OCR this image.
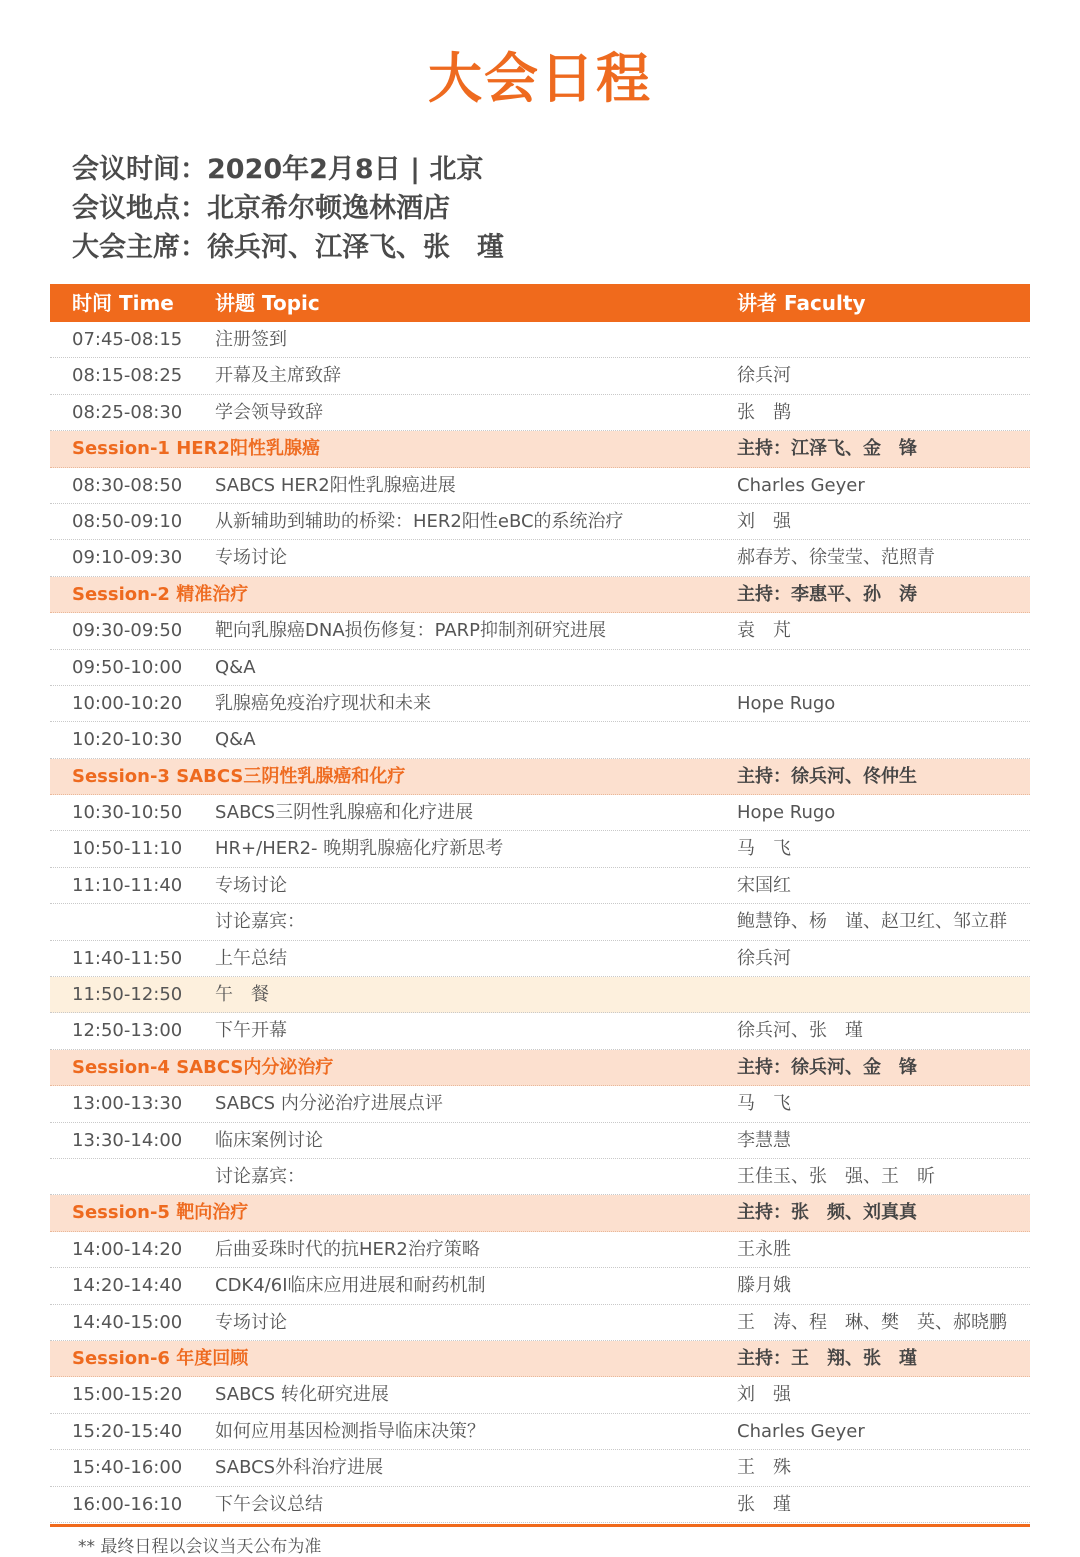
大会日程
会议时间：2020年2月8日 | 北京
会议地点：北京希尔顿逸林酒店
大会主席：徐兵河、江泽飞、张　瑾
时间 Time 讲题 Topic	讲者 Faculty
07:45-08:15 注册签到
08:15-08:25 开幕及主席致辞	徐兵河
08:25-08:30 学会领导致辞	张　鹊
Session-1 HER2阳性乳腺癌	主持：江泽飞、金　锋
08:30-08:50 SABCS HER2阳性乳腺癌进展	Charles Geyer
08:50-09:10 从新辅助到辅助的桥梁：HER2阳性eBC的系统治疗	刘　强
09:10-09:30 专场讨论	郝春芳、徐莹莹、范照青
Session-2 精准治疗	主持：李惠平、孙　涛
09:30-09:50 靶向乳腺癌DNA损伤修复：PARP抑制剂研究进展	袁　芃
09:50-10:00 Q&A
10:00-10:20 乳腺癌免疫治疗现状和未来	Hope Rugo
10:20-10:30 Q&A
Session-3 SABCS三阴性乳腺癌和化疗	主持：徐兵河、佟仲生
10:30-10:50 SABCS三阴性乳腺癌和化疗进展	Hope Rugo
10:50-11:10 HR+/HER2- 晚期乳腺癌化疗新思考	马　飞
11:10-11:40 专场讨论	宋国红
讨论嘉宾：	鲍慧铮、杨　谨、赵卫红、邹立群
11:40-11:50 上午总结	徐兵河
11:50-12:50 午　餐
12:50-13:00 下午开幕	徐兵河、张　瑾
Session-4 SABCS内分泌治疗	主持：徐兵河、金　锋
13:00-13:30 SABCS 内分泌治疗进展点评	马　飞
13:30-14:00 临床案例讨论	李慧慧
讨论嘉宾：	王佳玉、张　强、王　昕
Session-5 靶向治疗	主持：张　频、刘真真
14:00-14:20 后曲妥珠时代的抗HER2治疗策略	王永胜
14:20-14:40 CDK4/6I临床应用进展和耐药机制	滕月娥
14:40-15:00 专场讨论	王　涛、程　琳、樊　英、郝晓鹏
Session-6 年度回顾	主持：王　翔、张　瑾
15:00-15:20 SABCS 转化研究进展	刘　强
15:20-15:40 如何应用基因检测指导临床决策？	Charles Geyer
15:40-16:00 SABCS外科治疗进展	王　殊
16:00-16:10 下午会议总结	张　瑾
** 最终日程以会议当天公布为准
